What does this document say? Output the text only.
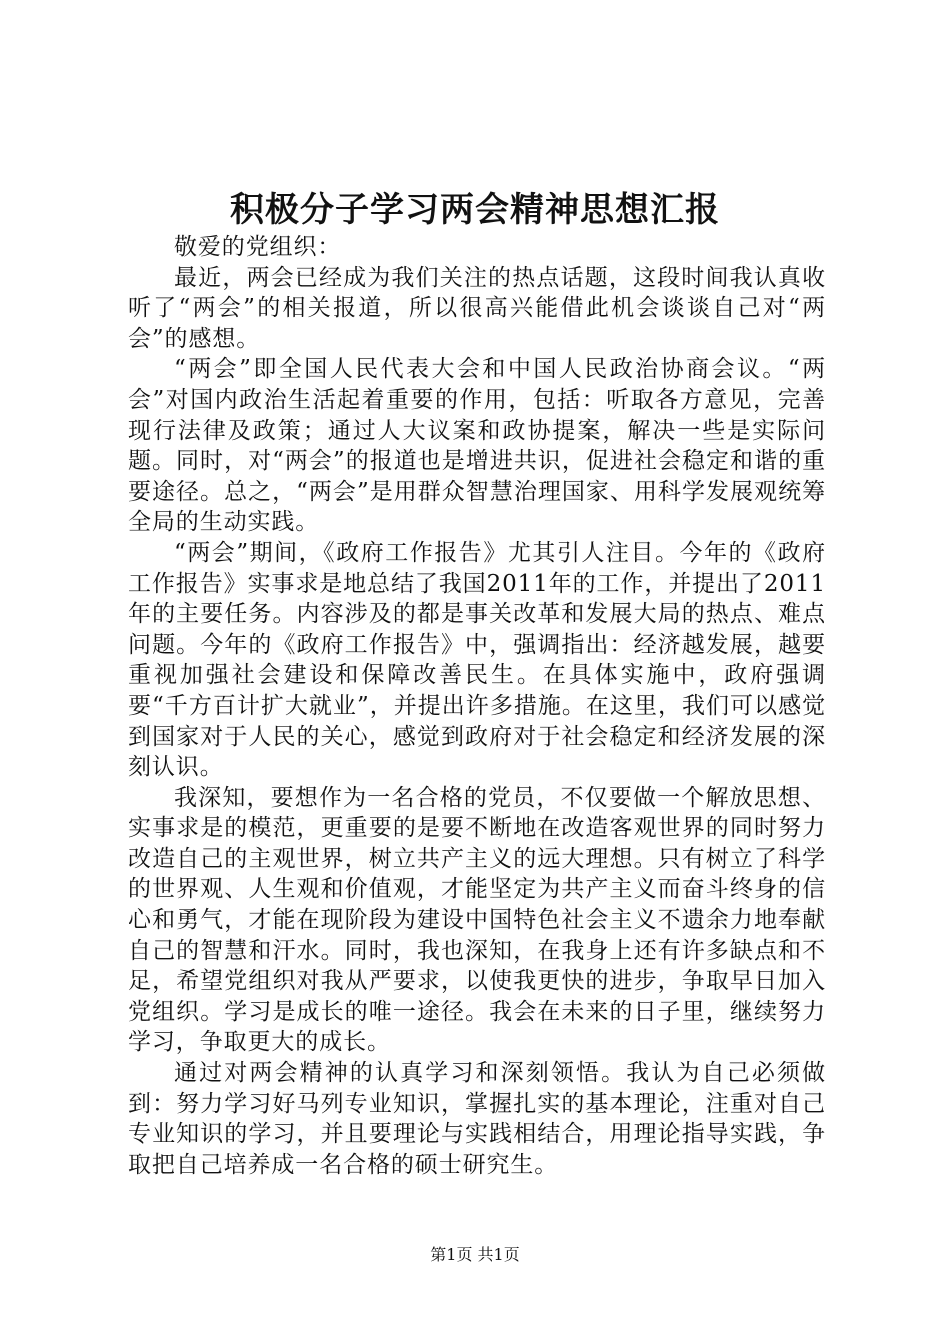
积极分子学习两会精神思想汇报

敬爱的党组织：

最近，两会已经成为我们关注的热点话题，这段时间我认真收听了“两会”的相关报道，所以很高兴能借此机会谈谈自己对“两会”的感想。

“两会”即全国人民代表大会和中国人民政治协商会议。“两会”对国内政治生活起着重要的作用，包括：听取各方意见，完善现行法律及政策；通过人大议案和政协提案，解决一些是实际问题。同时，对“两会”的报道也是增进共识，促进社会稳定和谐的重要途径。总之，“两会”是用群众智慧治理国家、用科学发展观统筹全局的生动实践。

“两会”期间，《政府工作报告》尤其引人注目。今年的《政府工作报告》实事求是地总结了我国2011年的工作，并提出了2011年的主要任务。内容涉及的都是事关改革和发展大局的热点、难点问题。今年的《政府工作报告》中，强调指出：经济越发展，越要重视加强社会建设和保障改善民生。在具体实施中，政府强调要“千方百计扩大就业”，并提出许多措施。在这里，我们可以感觉到国家对于人民的关心，感觉到政府对于社会稳定和经济发展的深刻认识。

我深知，要想作为一名合格的党员，不仅要做一个解放思想、实事求是的模范，更重要的是要不断地在改造客观世界的同时努力改造自己的主观世界，树立共产主义的远大理想。只有树立了科学的世界观、人生观和价值观，才能坚定为共产主义而奋斗终身的信心和勇气，才能在现阶段为建设中国特色社会主义不遗余力地奉献自己的智慧和汗水。同时，我也深知，在我身上还有许多缺点和不足，希望党组织对我从严要求，以使我更快的进步，争取早日加入党组织。学习是成长的唯一途径。我会在未来的日子里，继续努力学习，争取更大的成长。

通过对两会精神的认真学习和深刻领悟。我认为自己必须做到：努力学习好马列专业知识，掌握扎实的基本理论，注重对自己专业知识的学习，并且要理论与实践相结合，用理论指导实践，争取把自己培养成一名合格的硕士研究生。

第1页 共1页
